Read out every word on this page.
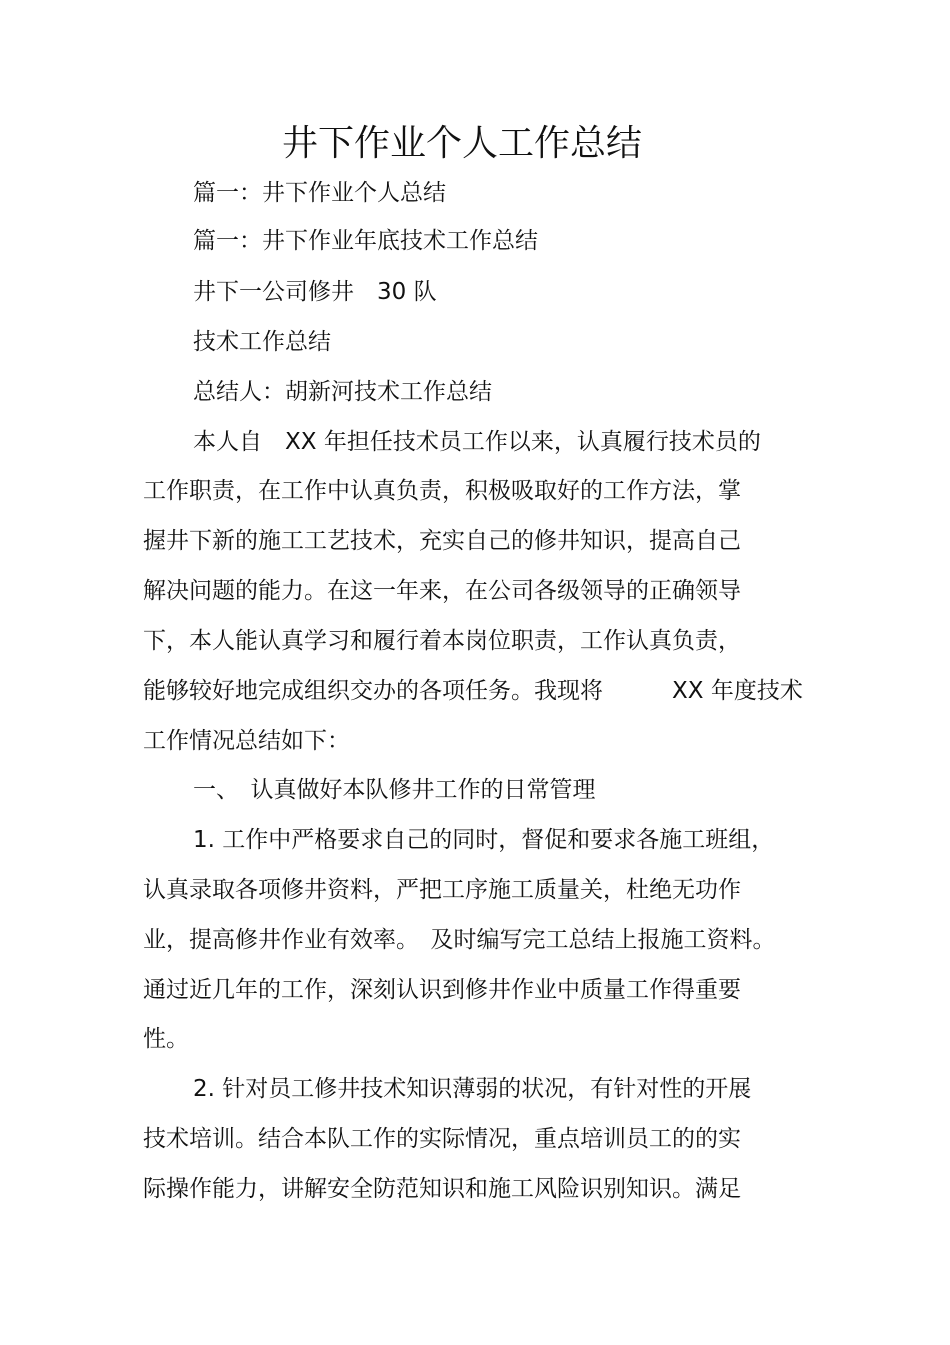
井下作业个人工作总结
篇一：井下作业个人总结
篇一：井下作业年底技术工作总结
井下一公司修井　30 队
技术工作总结
总结人：胡新河技术工作总结
本人自　XX 年担任技术员工作以来，认真履行技术员的
工作职责，在工作中认真负责，积极吸取好的工作方法，掌
握井下新的施工工艺技术，充实自己的修井知识，提高自己
解决问题的能力。在这一年来，在公司各级领导的正确领导
下，本人能认真学习和履行着本岗位职责，工作认真负责，
能够较好地完成组织交办的各项任务。我现将　　　XX 年度技术
工作情况总结如下：
一、　认真做好本队修井工作的日常管理
1. 工作中严格要求自己的同时，督促和要求各施工班组，
认真录取各项修井资料，严把工序施工质量关，杜绝无功作
业，提高修井作业有效率。　及时编写完工总结上报施工资料。
通过近几年的工作，深刻认识到修井作业中质量工作得重要
性。
2. 针对员工修井技术知识薄弱的状况，有针对性的开展
技术培训。结合本队工作的实际情况，重点培训员工的的实
际操作能力，讲解安全防范知识和施工风险识别知识。满足
